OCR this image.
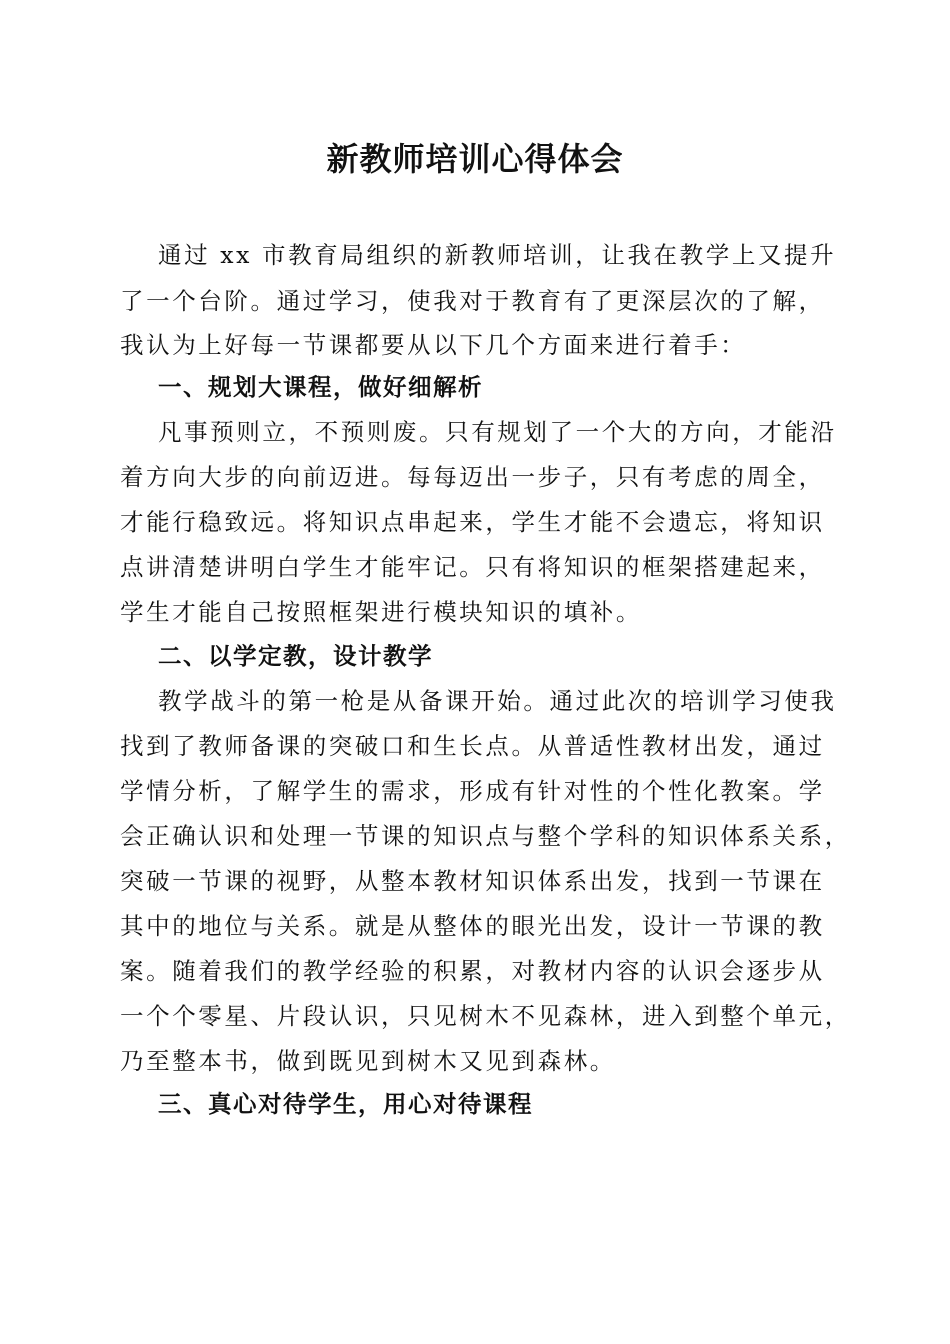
新教师培训心得体会
通过 xx 市教育局组织的新教师培训，让我在教学上又提升
了一个台阶。通过学习，使我对于教育有了更深层次的了解，
我认为上好每一节课都要从以下几个方面来进行着手：
一、规划大课程，做好细解析
凡事预则立，不预则废。只有规划了一个大的方向，才能沿
着方向大步的向前迈进。每每迈出一步子，只有考虑的周全，
才能行稳致远。将知识点串起来，学生才能不会遗忘，将知识
点讲清楚讲明白学生才能牢记。只有将知识的框架搭建起来，
学生才能自己按照框架进行模块知识的填补。
二、以学定教，设计教学
教学战斗的第一枪是从备课开始。通过此次的培训学习使我
找到了教师备课的突破口和生长点。从普适性教材出发，通过
学情分析，了解学生的需求，形成有针对性的个性化教案。学
会正确认识和处理一节课的知识点与整个学科的知识体系关系，
突破一节课的视野，从整本教材知识体系出发，找到一节课在
其中的地位与关系。就是从整体的眼光出发，设计一节课的教
案。随着我们的教学经验的积累，对教材内容的认识会逐步从
一个个零星、片段认识，只见树木不见森林，进入到整个单元，
乃至整本书，做到既见到树木又见到森林。
三、真心对待学生，用心对待课程
